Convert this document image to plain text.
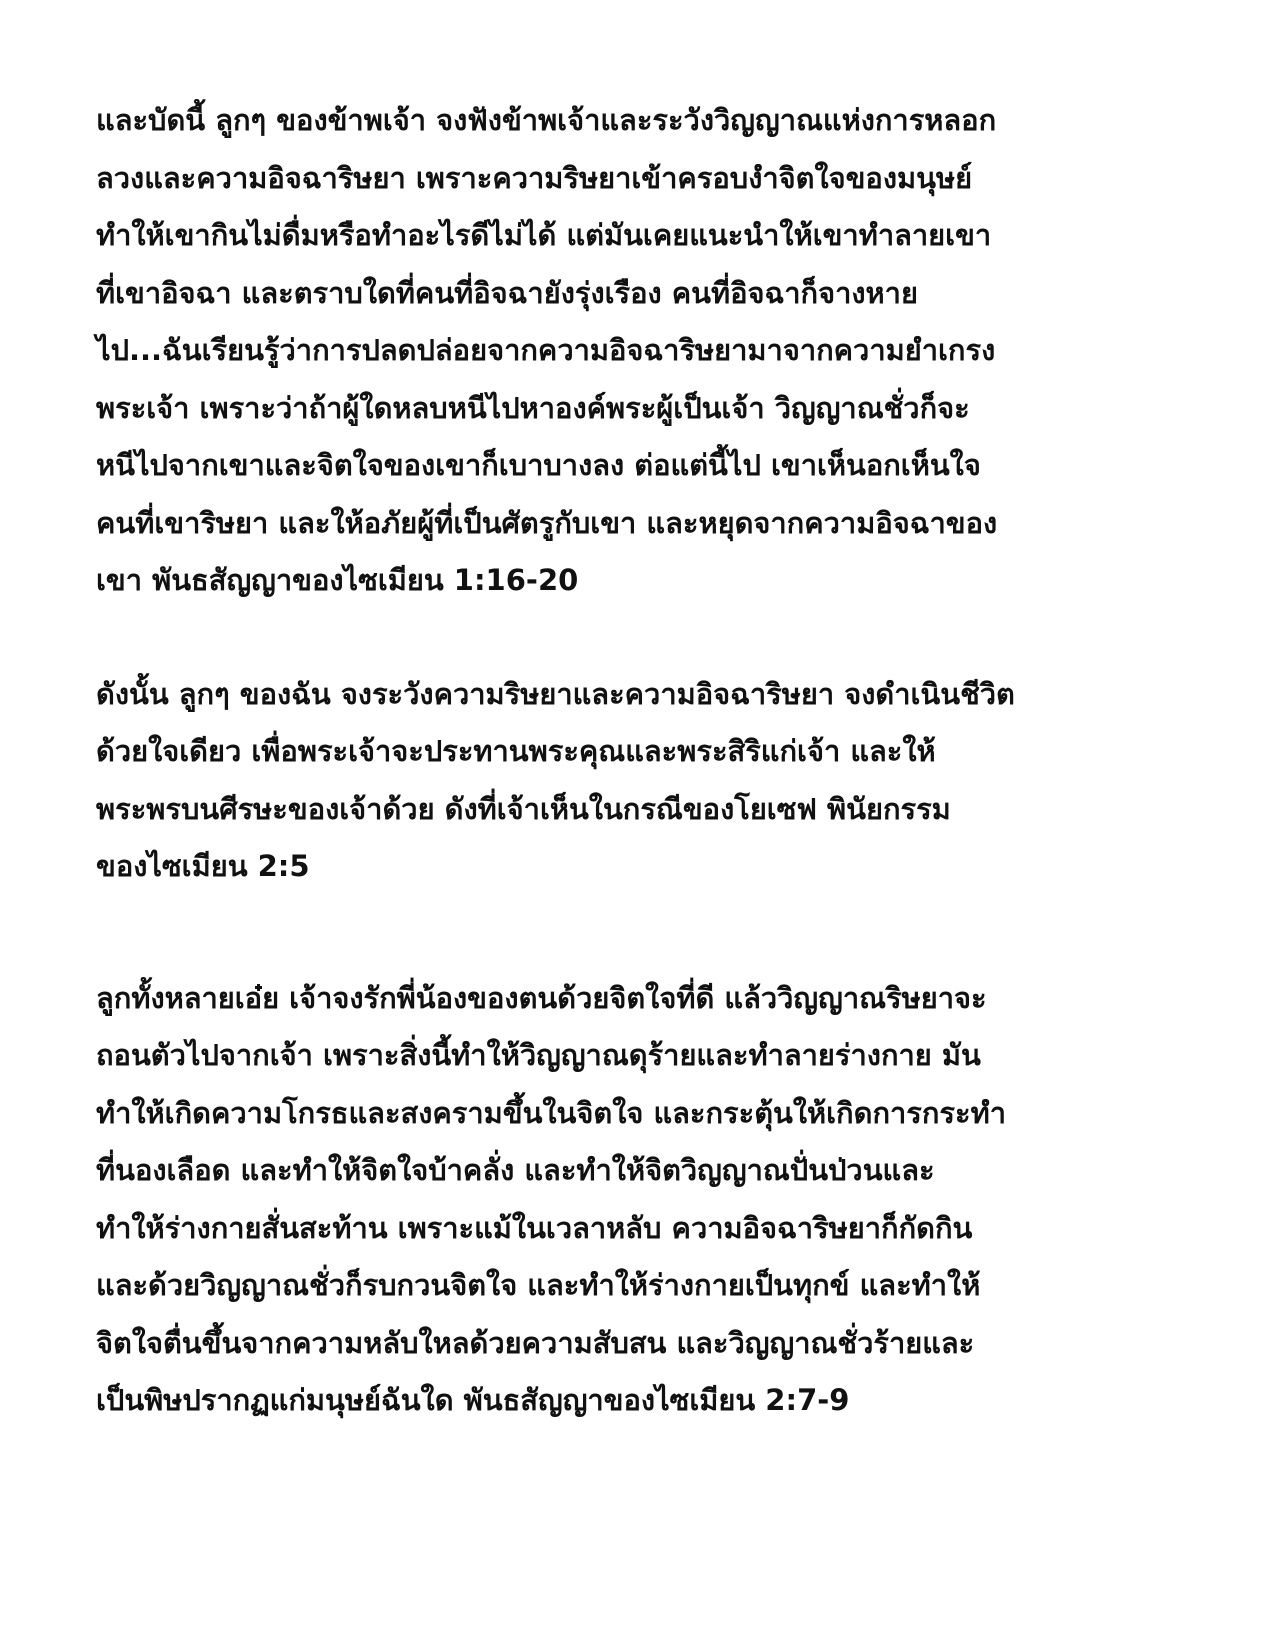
และบัดนี้ ลูกๆ ของข้าพเจ้า จงฟังข้าพเจ้าและระวังวิญญาณแห่งการหลอก
ลวงและความอิจฉาริษยา เพราะความริษยาเข้าครอบงำจิตใจของมนุษย์
ทำให้เขากินไม่ดื่มหรือทำอะไรดีไม่ได้ แต่มันเคยแนะนำให้เขาทำลายเขา
ที่เขาอิจฉา และตราบใดที่คนที่อิจฉายังรุ่งเรือง คนที่อิจฉาก็จางหาย
ไป...ฉันเรียนรู้ว่าการปลดปล่อยจากความอิจฉาริษยามาจากความยำเกรง
พระเจ้า เพราะว่าถ้าผู้ใดหลบหนีไปหาองค์พระผู้เป็นเจ้า วิญญาณชั่วก็จะ
หนีไปจากเขาและจิตใจของเขาก็เบาบางลง ต่อแต่นี้ไป เขาเห็นอกเห็นใจ
คนที่เขาริษยา และให้อภัยผู้ที่เป็นศัตรูกับเขา และหยุดจากความอิจฉาของ
เขา พันธสัญญาของไซเมียน 1:16-20

ดังนั้น ลูกๆ ของฉัน จงระวังความริษยาและความอิจฉาริษยา จงดำเนินชีวิต
ด้วยใจเดียว เพื่อพระเจ้าจะประทานพระคุณและพระสิริแก่เจ้า และให้
พระพรบนศีรษะของเจ้าด้วย ดังที่เจ้าเห็นในกรณีของโยเซฟ พินัยกรรม
ของไซเมียน 2:5

ลูกทั้งหลายเอ๋ย เจ้าจงรักพี่น้องของตนด้วยจิตใจที่ดี แล้ววิญญาณริษยาจะ
ถอนตัวไปจากเจ้า เพราะสิ่งนี้ทำให้วิญญาณดุร้ายและทำลายร่างกาย มัน
ทำให้เกิดความโกรธและสงครามขึ้นในจิตใจ และกระตุ้นให้เกิดการกระทำ
ที่นองเลือด และทำให้จิตใจบ้าคลั่ง และทำให้จิตวิญญาณปั่นป่วนและ
ทำให้ร่างกายสั่นสะท้าน เพราะแม้ในเวลาหลับ ความอิจฉาริษยาก็กัดกิน
และด้วยวิญญาณชั่วก็รบกวนจิตใจ และทำให้ร่างกายเป็นทุกข์ และทำให้
จิตใจตื่นขึ้นจากความหลับใหลด้วยความสับสน และวิญญาณชั่วร้ายและ
เป็นพิษปรากฏแก่มนุษย์ฉันใด พันธสัญญาของไซเมียน 2:7-9
